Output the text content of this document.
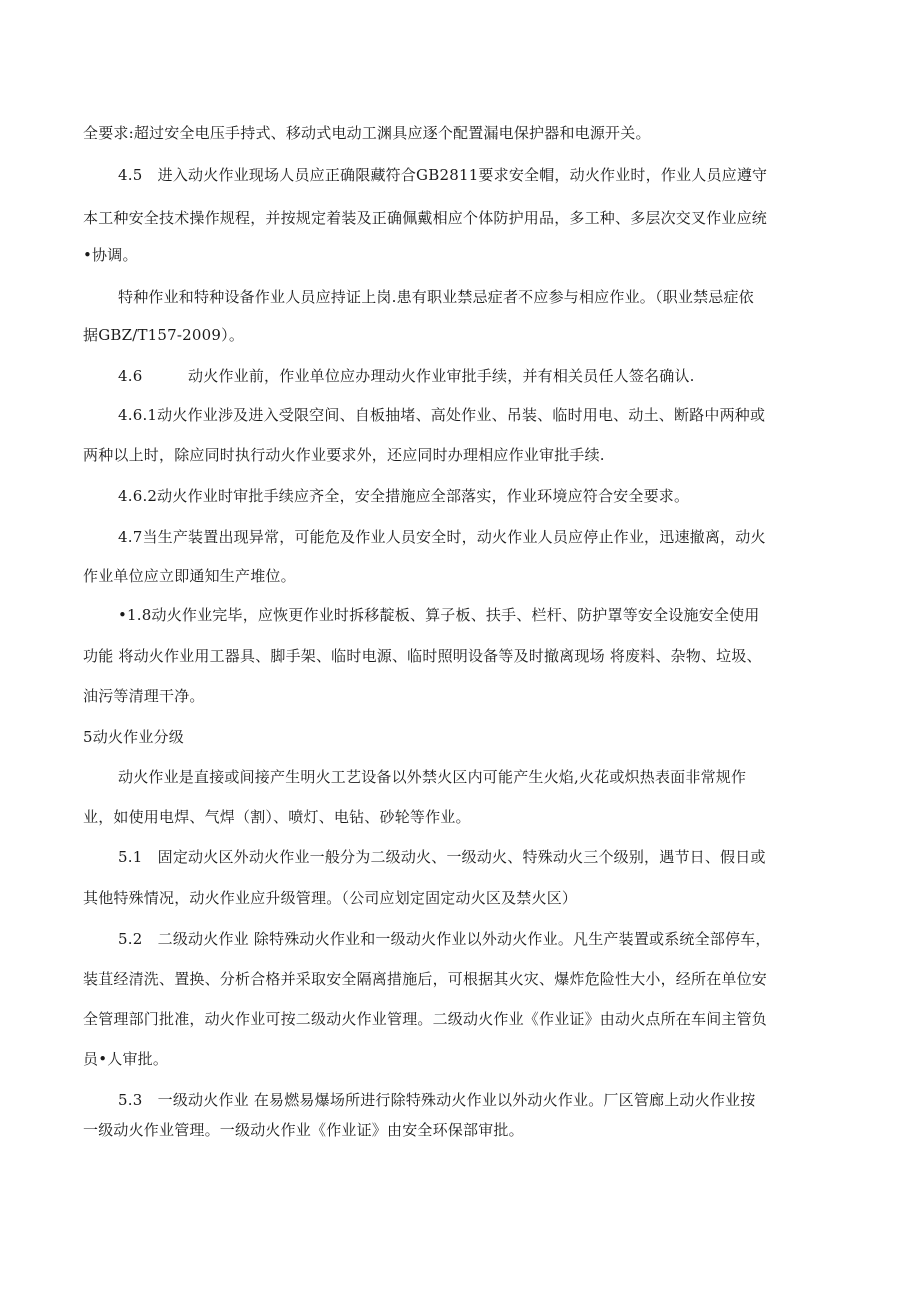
全要求:超过安全电压手持式、移动式电动工渊具应逐个配置漏电保护器和电源开关。
4.5　进入动火作业现场人员应正确限藏符合GB2811要求安全帽，动火作业时，作业人员应遵守
本工种安全技术操作规程，并按规定着装及正确佩戴相应个体防护用品，多工种、多层次交叉作业应统
•协调。
特种作业和特种设备作业人员应持证上岗.患有职业禁忌症者不应参与相应作业。（职业禁忌症依
据GBZ/T157-2009）。
4.6　　　动火作业前，作业单位应办理动火作业审批手续，并有相关员任人签名确认.
4.6.1动火作业涉及进入受限空间、自板抽堵、高处作业、吊装、临时用电、动土、断路中两种或
两种以上时，除应同时执行动火作业要求外，还应同时办理相应作业审批手续.
4.6.2动火作业时审批手续应齐全，安全措施应全部落实，作业环境应符合安全要求。
4.7当生产装置出现异常，可能危及作业人员安全时，动火作业人员应停止作业，迅速撤离，动火
作业单位应立即通知生产堆位。
•1.8动火作业完毕，应恢更作业时拆移靛板、算子板、扶手、栏杆、防护罩等安全设施安全使用
功能 将动火作业用工器具、脚手架、临时电源、临时照明设备等及时撤离现场 将废料、杂物、垃圾、
油污等清理干净。
5动火作业分级
动火作业是直接或间接产生明火工艺设备以外禁火区内可能产生火焰,火花或炽热表面非常规作
业，如使用电焊、气焊（割）、喷灯、电钻、砂轮等作业。
5.1　固定动火区外动火作业一般分为二级动火、一级动火、特殊动火三个级别，遇节日、假日或
其他特殊情况，动火作业应升级管理。（公司应划定固定动火区及禁火区）
5.2　二级动火作业 除特殊动火作业和一级动火作业以外动火作业。凡生产装置或系统全部停车，
装苴经清洗、置换、分析合格并采取安全隔离措施后，可根据其火灾、爆炸危险性大小，经所在单位安
全管理部门批准，动火作业可按二级动火作业管理。二级动火作业《作业证》由动火点所在车间主管负
员•人审批。
5.3　一级动火作业 在易燃易爆场所进行除特殊动火作业以外动火作业。厂区管廊上动火作业按
一级动火作业管理。一级动火作业《作业证》由安全环保部审批。
